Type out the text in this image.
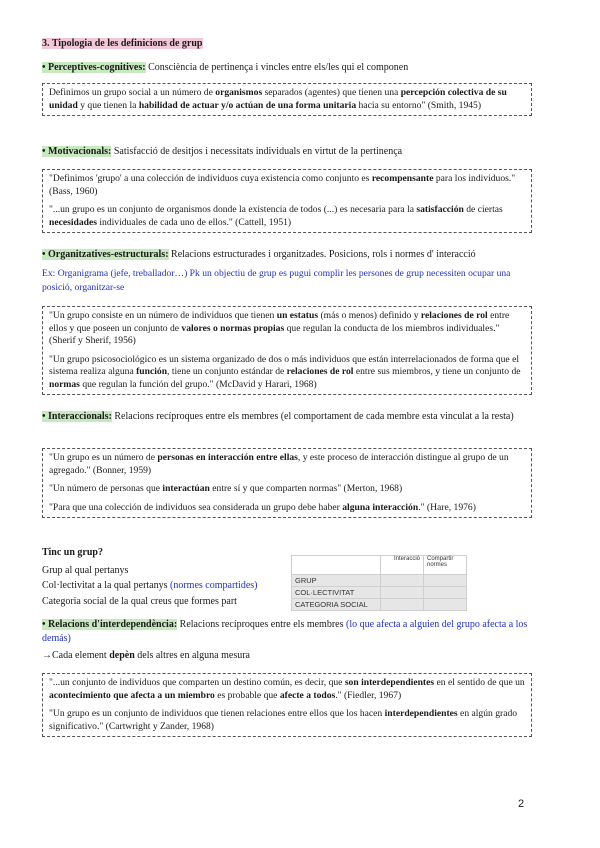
3. Tipologia de les definicions de grup
• Perceptives-cognitives: Consciència de pertinença i vincles entre els/les qui el componen

Definimos un grupo social a un número de organismos separados (agentes) que tienen una percepción colectiva de su unidad y que tienen la habilidad de actuar y/o actúan de una forma unitaria hacia su entorno" (Smith, 1945)

• Motivacionals: Satisfacció de desitjos i necessitats individuals en virtut de la pertinença

"Definimos 'grupo' a una colección de individuos cuya existencia como conjunto es recompensante para los individuos." (Bass, 1960)

"...un grupo es un conjunto de organismos donde la existencia de todos (...) es necesaria para la satisfacción de ciertas necesidades individuales de cada uno de ellos." (Cattell, 1951)

• Organitzatives-estructurals: Relacions estructurades i organitzades. Posicions, rols i normes d' interacció
Ex: Organigrama (jefe, treballador…) Pk un objectiu de grup es pugui complir les persones de grup necessiten ocupar una posició, organitzar-se

"Un grupo consiste en un número de individuos que tienen un estatus (más o menos) definido y relaciones de rol entre ellos y que poseen un conjunto de valores o normas propias que regulan la conducta de los miembros individuales." (Sherif y Sherif, 1956)

"Un grupo psicosociológico es un sistema organizado de dos o más individuos que están interrelacionados de forma que el sistema realiza alguna función, tiene un conjunto estándar de relaciones de rol entre sus miembros, y tiene un conjunto de normas que regulan la función del grupo." (McDavid y Harari, 1968)

• Interaccionals: Relacions recíproques entre els membres (el comportament de cada membre esta vinculat a la resta)

"Un grupo es un número de personas en interacción entre ellas, y este proceso de interacción distingue al grupo de un agregado." (Bonner, 1959)

"Un número de personas que interactúan entre sí y que comparten normas" (Merton, 1968)

"Para que una colección de individuos sea considerada un grupo debe haber alguna interacción." (Hare, 1976)

Tinc un grup?
Grup al qual pertanys
Col·lectivitat a la qual pertanys (normes compartides)
Categoria social de la qual creus que formes part
	Interacció	Compartir normes
GRUP		
COL·LECTIVITAT		
CATEGORIA SOCIAL		
• Relacions d'interdependència: Relacions recíproques entre els membres (lo que afecta a alguien del grupo afecta a los demás)
→Cada element depèn dels altres en alguna mesura

"...un conjunto de individuos que comparten un destino común, es decir, que son interdependientes en el sentido de que un acontecimiento que afecta a un miembro es probable que afecte a todos." (Fiedler, 1967)

"Un grupo es un conjunto de individuos que tienen relaciones entre ellos que los hacen interdependientes en algún grado significativo." (Cartwright y Zander, 1968)

2
